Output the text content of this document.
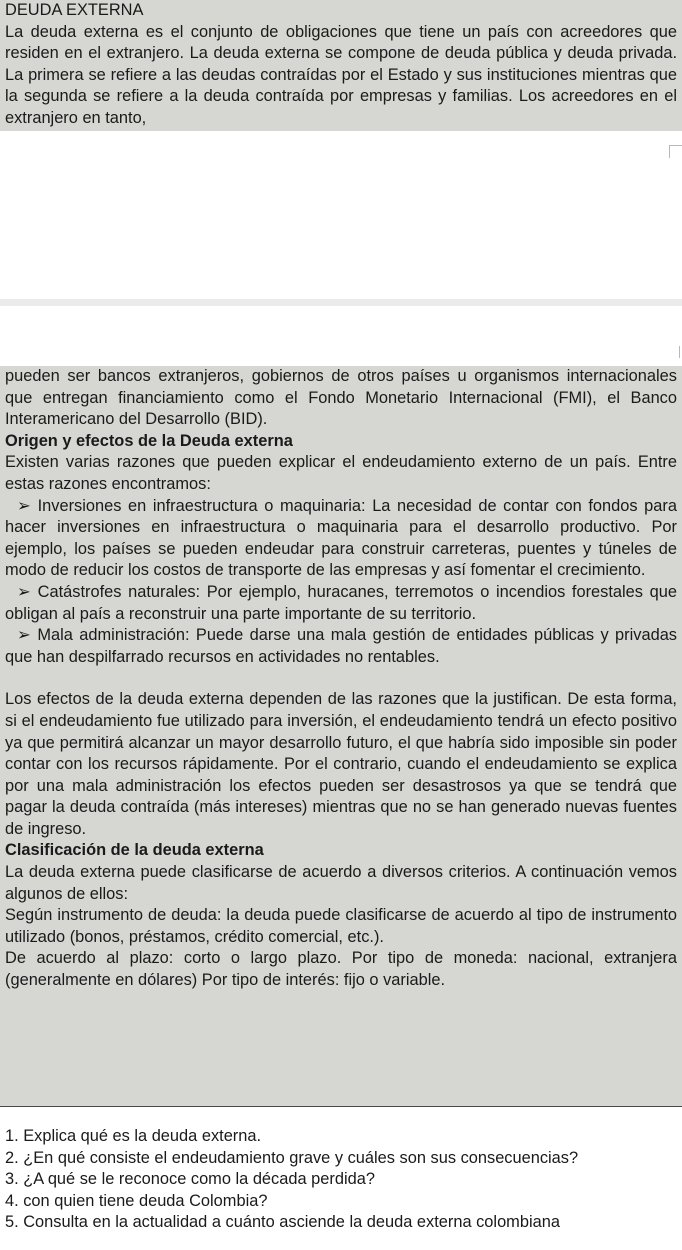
DEUDA EXTERNA

La deuda externa es el conjunto de obligaciones que tiene un país con acreedores que residen en el extranjero. La deuda externa se compone de deuda pública y deuda privada. La primera se refiere a las deudas contraídas por el Estado y sus instituciones mientras que la segunda se refiere a la deuda contraída por empresas y familias. Los acreedores en el extranjero en tanto,

pueden ser bancos extranjeros, gobiernos de otros países u organismos internacionales que entregan financiamiento como el Fondo Monetario Internacional (FMI), el Banco Interamericano del Desarrollo (BID).

Origen y efectos de la Deuda externa

Existen varias razones que pueden explicar el endeudamiento externo de un país. Entre estas razones encontramos:

➢ Inversiones en infraestructura o maquinaria: La necesidad de contar con fondos para hacer inversiones en infraestructura o maquinaria para el desarrollo productivo. Por ejemplo, los países se pueden endeudar para construir carreteras, puentes y túneles de modo de reducir los costos de transporte de las empresas y así fomentar el crecimiento.

➢ Catástrofes naturales: Por ejemplo, huracanes, terremotos o incendios forestales que obligan al país a reconstruir una parte importante de su territorio.

➢ Mala administración: Puede darse una mala gestión de entidades públicas y privadas que han despilfarrado recursos en actividades no rentables.

Los efectos de la deuda externa dependen de las razones que la justifican. De esta forma, si el endeudamiento fue utilizado para inversión, el endeudamiento tendrá un efecto positivo ya que permitirá alcanzar un mayor desarrollo futuro, el que habría sido imposible sin poder contar con los recursos rápidamente. Por el contrario, cuando el endeudamiento se explica por una mala administración los efectos pueden ser desastrosos ya que se tendrá que pagar la deuda contraída (más intereses) mientras que no se han generado nuevas fuentes de ingreso.

Clasificación de la deuda externa

La deuda externa puede clasificarse de acuerdo a diversos criterios. A continuación vemos algunos de ellos:

Según instrumento de deuda: la deuda puede clasificarse de acuerdo al tipo de instrumento utilizado (bonos, préstamos, crédito comercial, etc.).

De acuerdo al plazo: corto o largo plazo. Por tipo de moneda: nacional, extranjera (generalmente en dólares) Por tipo de interés: fijo o variable.

1. Explica qué es la deuda externa.

2. ¿En qué consiste el endeudamiento grave y cuáles son sus consecuencias?

3. ¿A qué se le reconoce como la década perdida?

4. con quien tiene deuda Colombia?

5. Consulta en la actualidad a cuánto asciende la deuda externa colombiana
